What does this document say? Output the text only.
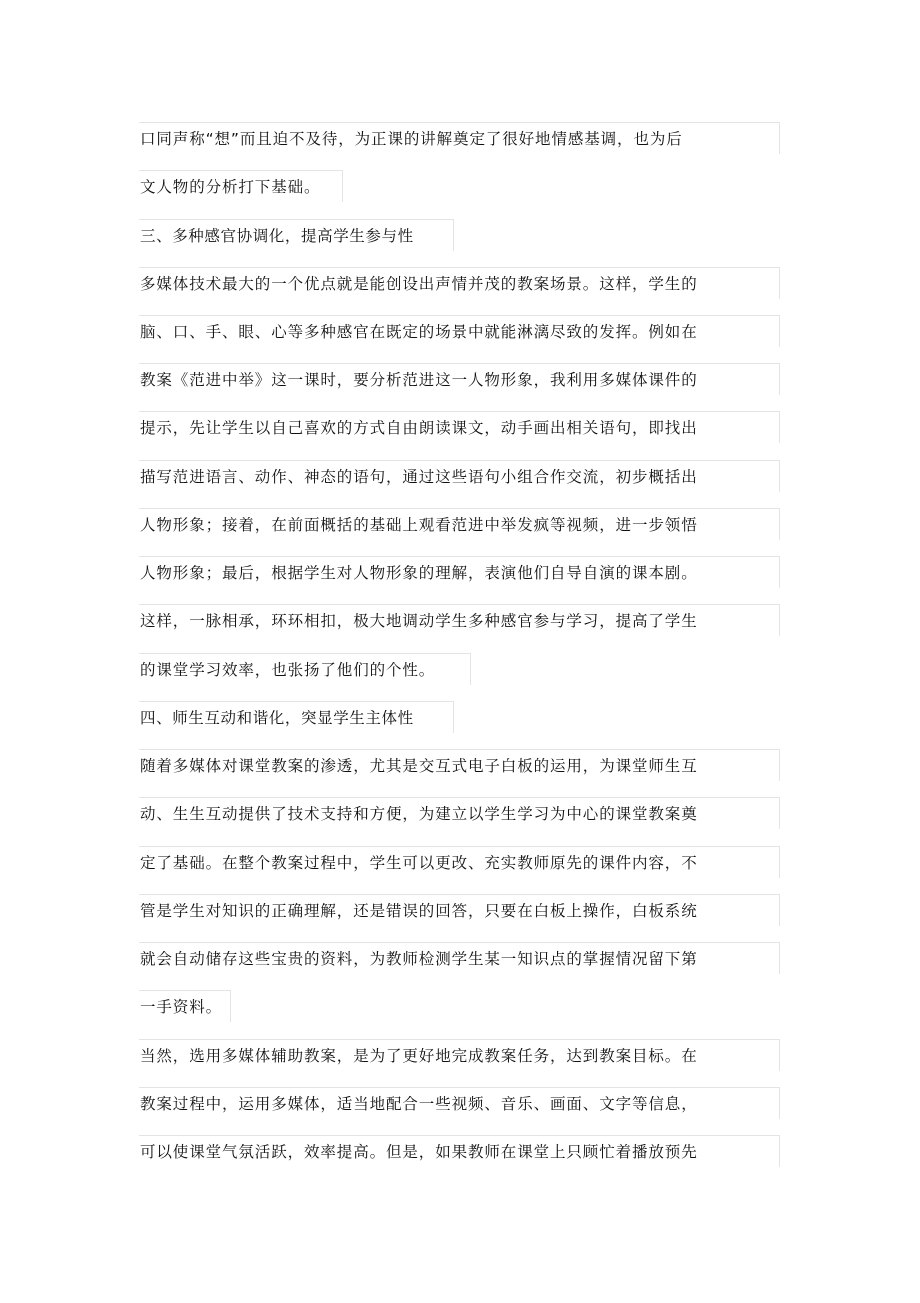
口同声称“想”而且迫不及待，为正课的讲解奠定了很好地情感基调，也为后
文人物的分析打下基础。
三、多种感官协调化，提高学生参与性
多媒体技术最大的一个优点就是能创设出声情并茂的教案场景。这样，学生的
脑、口、手、眼、心等多种感官在既定的场景中就能淋漓尽致的发挥。例如在
教案《范进中举》这一课时，要分析范进这一人物形象，我利用多媒体课件的
提示，先让学生以自己喜欢的方式自由朗读课文，动手画出相关语句，即找出
描写范进语言、动作、神态的语句，通过这些语句小组合作交流，初步概括出
人物形象；接着，在前面概括的基础上观看范进中举发疯等视频，进一步领悟
人物形象；最后，根据学生对人物形象的理解，表演他们自导自演的课本剧。
这样，一脉相承，环环相扣，极大地调动学生多种感官参与学习，提高了学生
的课堂学习效率，也张扬了他们的个性。
四、师生互动和谐化，突显学生主体性
随着多媒体对课堂教案的渗透，尤其是交互式电子白板的运用，为课堂师生互
动、生生互动提供了技术支持和方便，为建立以学生学习为中心的课堂教案奠
定了基础。在整个教案过程中，学生可以更改、充实教师原先的课件内容，不
管是学生对知识的正确理解，还是错误的回答，只要在白板上操作，白板系统
就会自动储存这些宝贵的资料，为教师检测学生某一知识点的掌握情况留下第
一手资料。
当然，选用多媒体辅助教案，是为了更好地完成教案任务，达到教案目标。在
教案过程中，运用多媒体，适当地配合一些视频、音乐、画面、文字等信息，
可以使课堂气氛活跃，效率提高。但是，如果教师在课堂上只顾忙着播放预先
